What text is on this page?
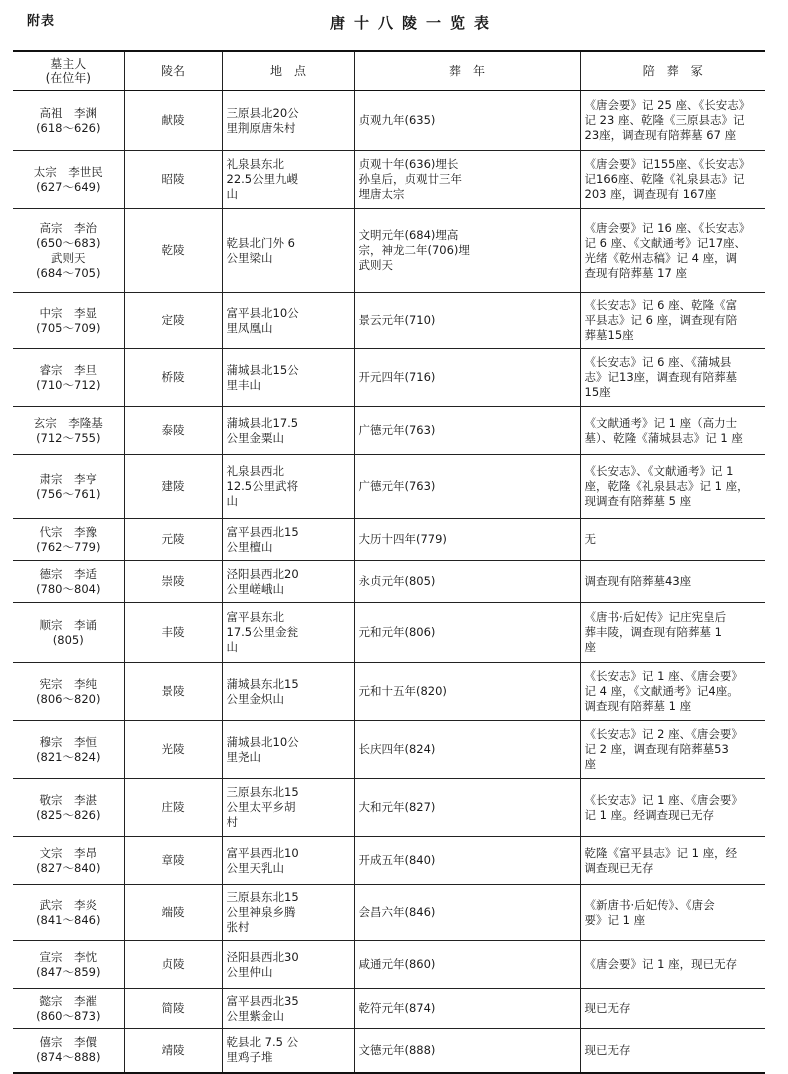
附表	唐十八陵一览表
墓主人
(在位年)	陵名	地　点	葬　年	陪　葬　冢

高祖　李渊
(618～626)	献陵	三原县北20公
里荆原唐朱村	贞观九年(635)	《唐会要》记 25 座、《长安志》
记 23 座、乾隆《三原县志》记
23座，调查现有陪葬墓 67 座

太宗　李世民
(627～649)	昭陵	礼泉县东北
22.5公里九嵕
山	贞观十年(636)埋长
孙皇后，贞观廿三年
埋唐太宗	《唐会要》记155座、《长安志》
记166座、乾隆《礼泉县志》记
203 座，调查现有 167座

高宗　李治
(650～683)
武则天
(684～705)	乾陵	乾县北门外 6
公里梁山	文明元年(684)埋高
宗，神龙二年(706)埋
武则天	《唐会要》记 16 座、《长安志》
记 6 座、《文献通考》记17座、
光绪《乾州志稿》记 4 座，调
查现有陪葬墓 17 座

中宗　李显
(705～709)	定陵	富平县北10公
里凤凰山	景云元年(710)	《长安志》记 6 座、乾隆《富
平县志》记 6 座，调查现有陪
葬墓15座

睿宗　李旦
(710～712)	桥陵	蒲城县北15公
里丰山	开元四年(716)	《长安志》记 6 座、《蒲城县
志》记13座，调查现有陪葬墓
15座

玄宗　李隆基
(712～755)	泰陵	蒲城县北17.5
公里金粟山	广德元年(763)	《文献通考》记 1 座（高力士
墓）、乾隆《蒲城县志》记 1 座

肃宗　李亨
(756～761)	建陵	礼泉县西北
12.5公里武将
山	广德元年(763)	《长安志》、《文献通考》记 1
座，乾隆《礼泉县志》记 1 座，
现调查有陪葬墓 5 座

代宗　李豫
(762～779)	元陵	富平县西北15
公里檀山	大历十四年(779)	无

德宗　李适
(780～804)	崇陵	泾阳县西北20
公里嵯峨山	永贞元年(805)	调查现有陪葬墓43座

顺宗　李诵
(805)	丰陵	富平县东北
17.5公里金瓮
山	元和元年(806)	《唐书·后妃传》记庄宪皇后
葬丰陵，调查现有陪葬墓 1
座

宪宗　李纯
(806～820)	景陵	蒲城县东北15
公里金炽山	元和十五年(820)	《长安志》记 1 座、《唐会要》
记 4 座，《文献通考》记4座。
调查现有陪葬墓 1 座

穆宗　李恒
(821～824)	光陵	蒲城县北10公
里尧山	长庆四年(824)	《长安志》记 2 座、《唐会要》
记 2 座，调查现有陪葬墓53
座

敬宗　李湛
(825～826)	庄陵	三原县东北15
公里太平乡胡
村	大和元年(827)	《长安志》记 1 座、《唐会要》
记 1 座。经调查现已无存

文宗　李昂
(827～840)	章陵	富平县西北10
公里天乳山	开成五年(840)	乾隆《富平县志》记 1 座，经
调查现已无存

武宗　李炎
(841～846)	端陵	三原县东北15
公里神泉乡腾
张村	会昌六年(846)	《新唐书·后妃传》、《唐会
要》记 1 座

宣宗　李忱
(847～859)	贞陵	泾阳县西北30
公里仲山	咸通元年(860)	《唐会要》记 1 座，现已无存

懿宗　李漼
(860～873)	简陵	富平县西北35
公里紫金山	乾符元年(874)	现已无存

僖宗　李儇
(874～888)	靖陵	乾县北 7.5 公
里鸡子堆	文德元年(888)	现已无存
